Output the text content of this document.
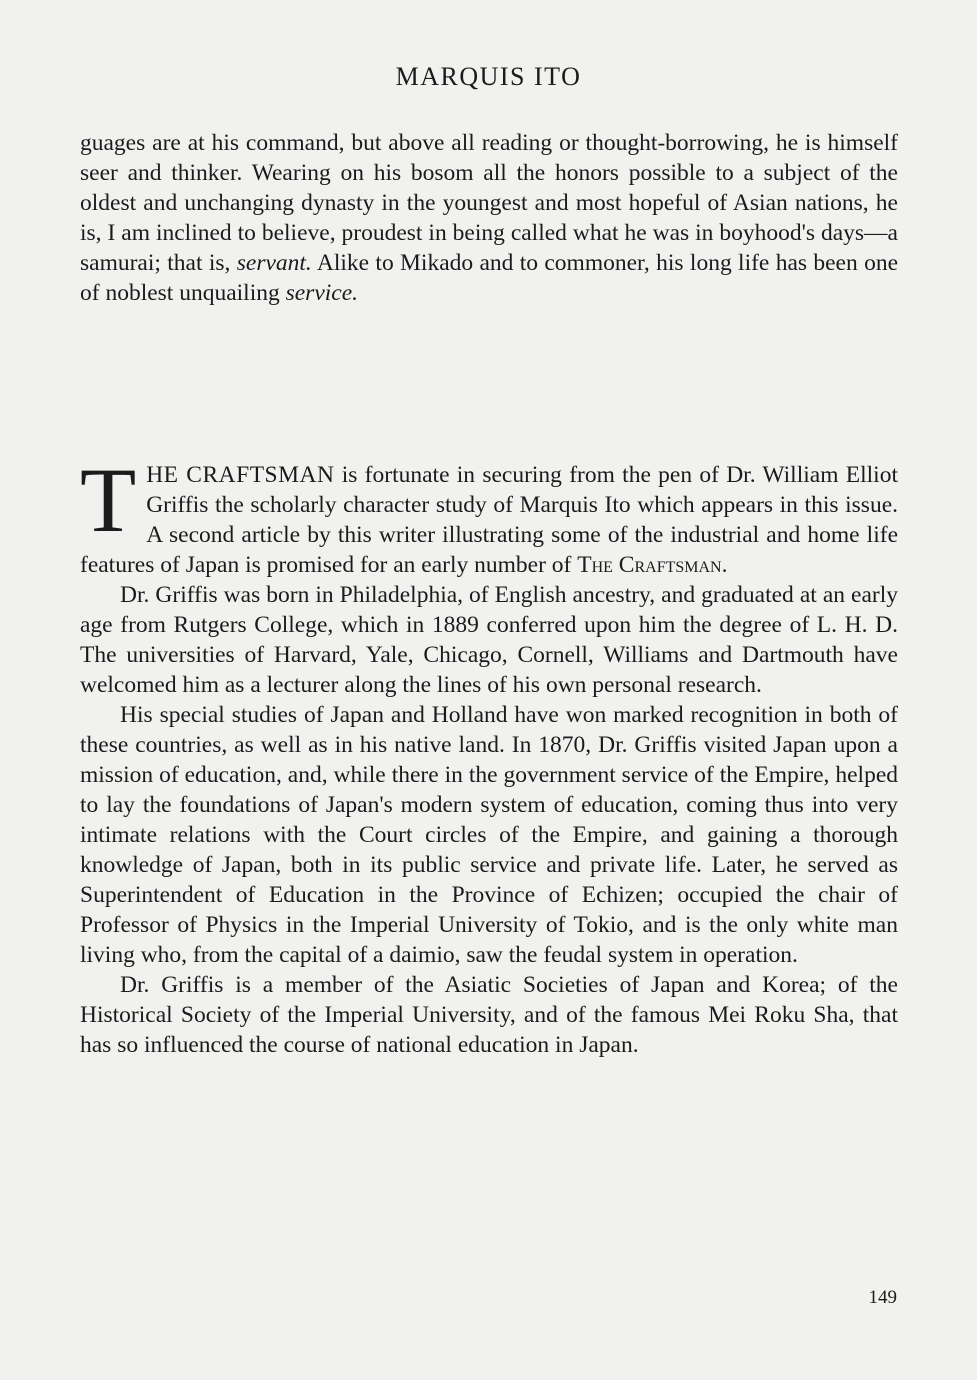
MARQUIS ITO

guages are at his command, but above all reading or thought-borrowing, he is himself seer and thinker. Wearing on his bosom all the honors possible to a subject of the oldest and unchanging dynasty in the youngest and most hopeful of Asian nations, he is, I am inclined to believe, proudest in being called what he was in boyhood's days—a samurai; that is, servant. Alike to Mikado and to commoner, his long life has been one of noblest unquailing service.

THE CRAFTSMAN is fortunate in securing from the pen of Dr. William Elliot Griffis the scholarly character study of Marquis Ito which appears in this issue. A second article by this writer illustrating some of the industrial and home life features of Japan is promised for an early number of The Craftsman.

Dr. Griffis was born in Philadelphia, of English ancestry, and graduated at an early age from Rutgers College, which in 1889 conferred upon him the degree of L. H. D. The universities of Harvard, Yale, Chicago, Cornell, Williams and Dartmouth have welcomed him as a lecturer along the lines of his own personal research.

His special studies of Japan and Holland have won marked recognition in both of these countries, as well as in his native land. In 1870, Dr. Griffis visited Japan upon a mission of education, and, while there in the government service of the Empire, helped to lay the foundations of Japan's modern system of education, coming thus into very intimate relations with the Court circles of the Empire, and gaining a thorough knowledge of Japan, both in its public service and private life. Later, he served as Superintendent of Education in the Province of Echizen; occupied the chair of Professor of Physics in the Imperial University of Tokio, and is the only white man living who, from the capital of a daimio, saw the feudal system in operation.

Dr. Griffis is a member of the Asiatic Societies of Japan and Korea; of the Historical Society of the Imperial University, and of the famous Mei Roku Sha, that has so influenced the course of national education in Japan.

149
